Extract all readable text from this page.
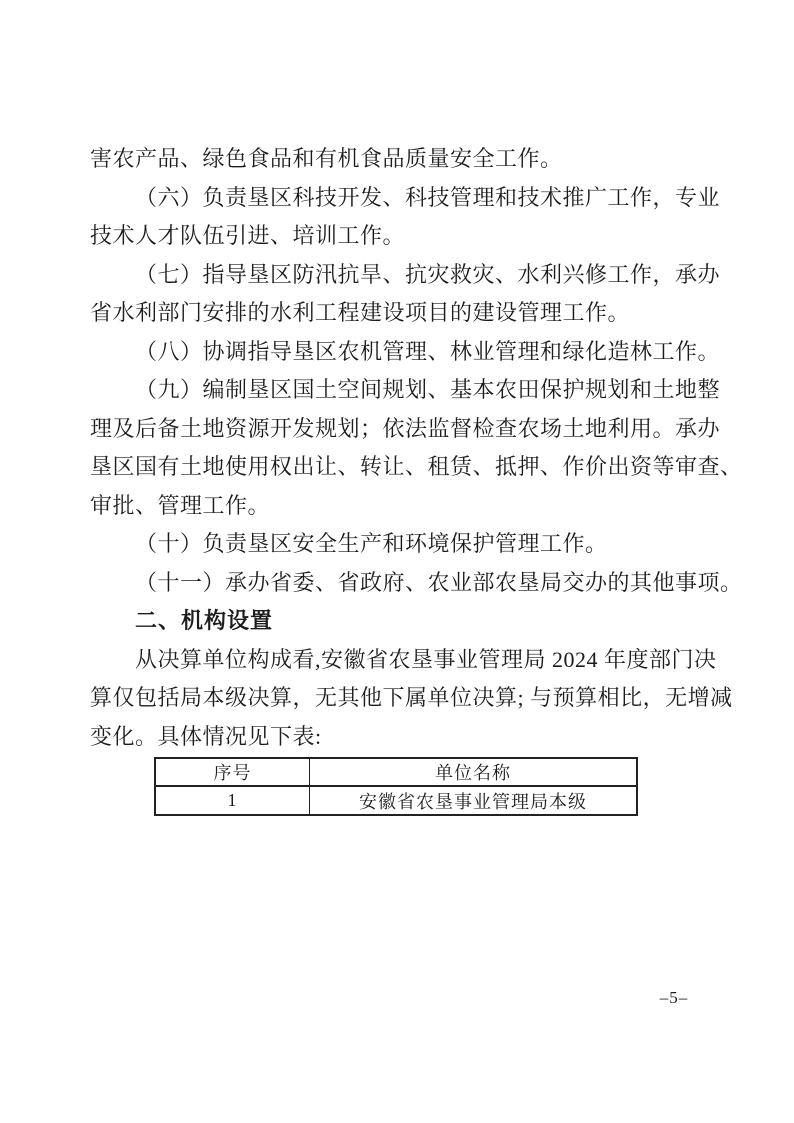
害农产品、绿色食品和有机食品质量安全工作。
（六）负责垦区科技开发、科技管理和技术推广工作，专业
技术人才队伍引进、培训工作。
（七）指导垦区防汛抗旱、抗灾救灾、水利兴修工作，承办
省水利部门安排的水利工程建设项目的建设管理工作。
（八）协调指导垦区农机管理、林业管理和绿化造林工作。
（九）编制垦区国土空间规划、基本农田保护规划和土地整
理及后备土地资源开发规划；依法监督检查农场土地利用。承办
垦区国有土地使用权出让、转让、租赁、抵押、作价出资等审查、
审批、管理工作。
（十）负责垦区安全生产和环境保护管理工作。
（十一）承办省委、省政府、农业部农垦局交办的其他事项。
二、机构设置
从决算单位构成看,安徽省农垦事业管理局 2024 年度部门决
算仅包括局本级决算，无其他下属单位决算; 与预算相比，无增减
变化。具体情况见下表:
序号	单位名称
1	安徽省农垦事业管理局本级
–5–
